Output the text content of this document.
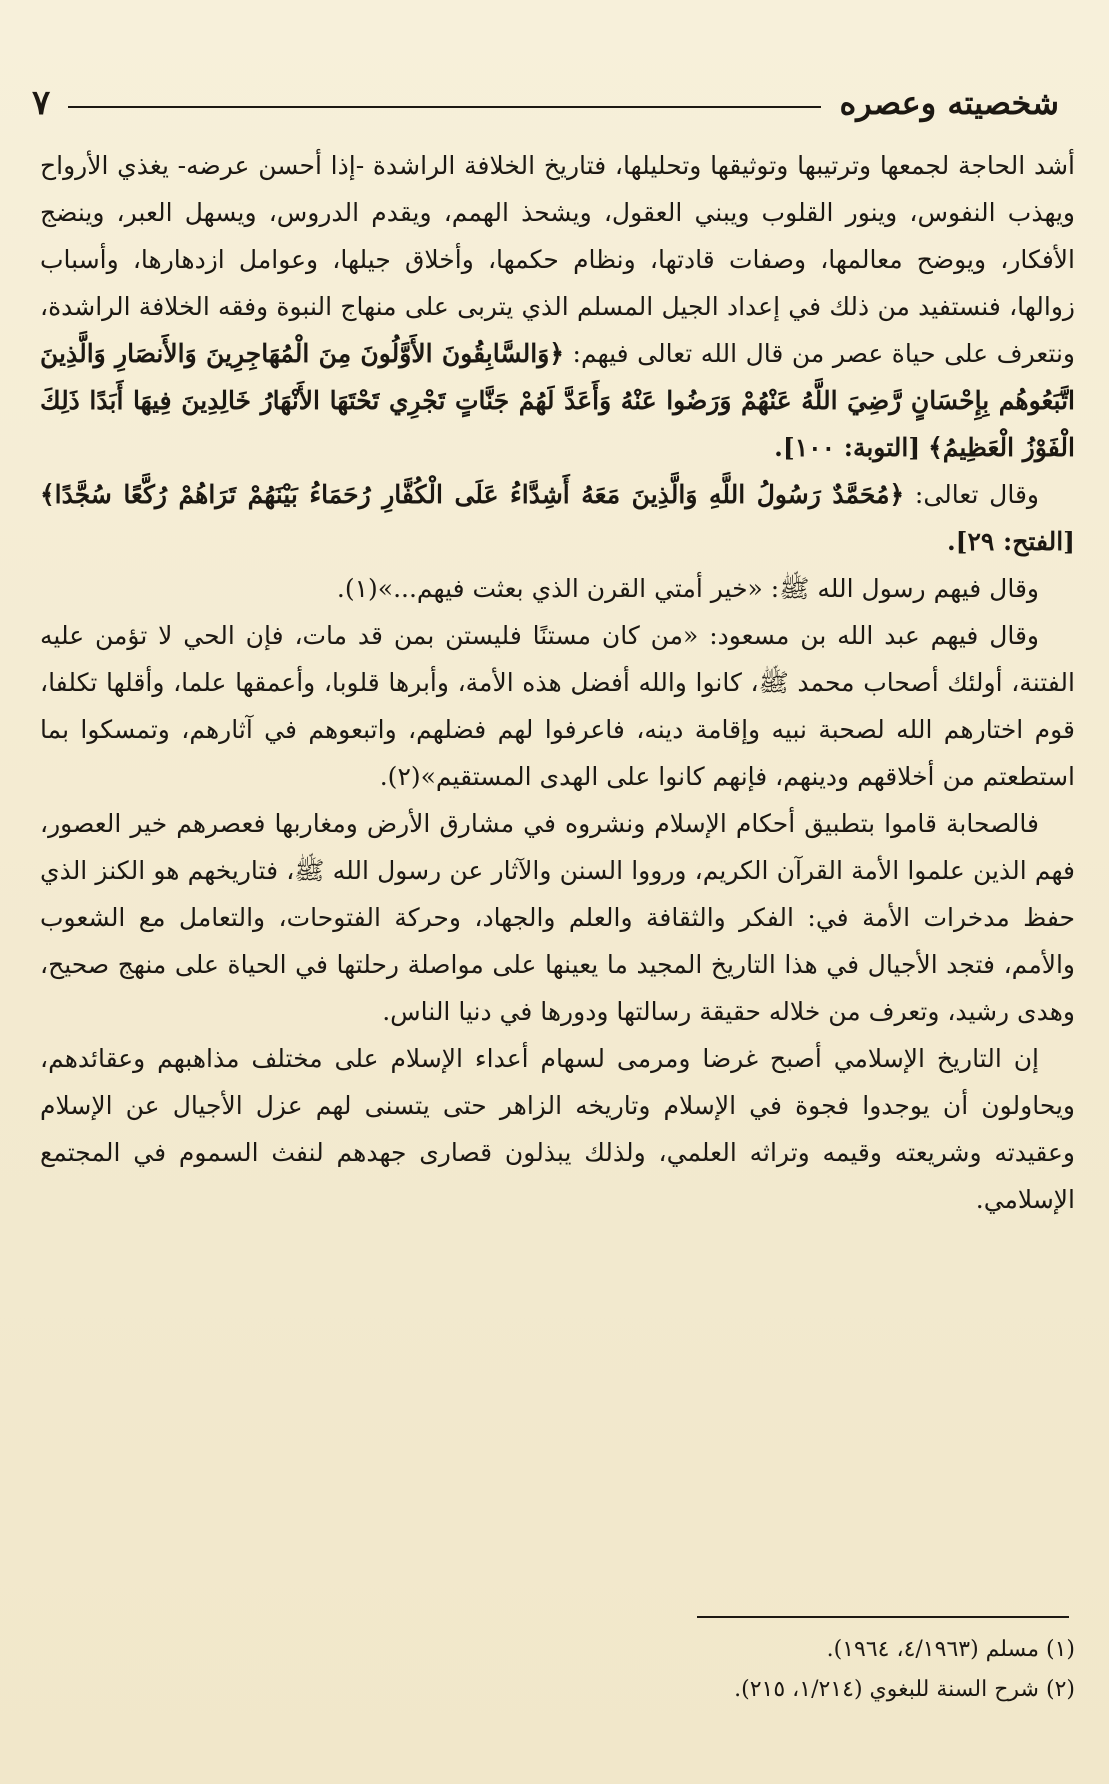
شخصيته وعصره
٧

أشد الحاجة لجمعها وترتيبها وتوثيقها وتحليلها، فتاريخ الخلافة الراشدة -إذا أحسن عرضه- يغذي الأرواح ويهذب النفوس، وينور القلوب ويبني العقول، ويشحذ الهمم، ويقدم الدروس، ويسهل العبر، وينضج الأفكار، ويوضح معالمها، وصفات قادتها، ونظام حكمها، وأخلاق جيلها، وعوامل ازدهارها، وأسباب زوالها، فنستفيد من ذلك في إعداد الجيل المسلم الذي يتربى على منهاج النبوة وفقه الخلافة الراشدة، ونتعرف على حياة عصر من قال الله تعالى فيهم: ﴿وَالسَّابِقُونَ الأَوَّلُونَ مِنَ الْمُهَاجِرِينَ وَالأَنصَارِ وَالَّذِينَ اتَّبَعُوهُم بِإِحْسَانٍ رَّضِيَ اللَّهُ عَنْهُمْ وَرَضُوا عَنْهُ وَأَعَدَّ لَهُمْ جَنَّاتٍ تَجْرِي تَحْتَهَا الأَنْهَارُ خَالِدِينَ فِيهَا أَبَدًا ذَلِكَ الْفَوْزُ الْعَظِيمُ﴾ [التوبة: ١٠٠].

وقال تعالى: ﴿مُحَمَّدٌ رَسُولُ اللَّهِ وَالَّذِينَ مَعَهُ أَشِدَّاءُ عَلَى الْكُفَّارِ رُحَمَاءُ بَيْنَهُمْ تَرَاهُمْ رُكَّعًا سُجَّدًا﴾ [الفتح: ٢٩].

وقال فيهم رسول الله ﷺ: «خير أمتي القرن الذي بعثت فيهم...»(١).

وقال فيهم عبد الله بن مسعود: «من كان مستنًا فليستن بمن قد مات، فإن الحي لا تؤمن عليه الفتنة، أولئك أصحاب محمد ﷺ، كانوا والله أفضل هذه الأمة، وأبرها قلوبا، وأعمقها علما، وأقلها تكلفا، قوم اختارهم الله لصحبة نبيه وإقامة دينه، فاعرفوا لهم فضلهم، واتبعوهم في آثارهم، وتمسكوا بما استطعتم من أخلاقهم ودينهم، فإنهم كانوا على الهدى المستقيم»(٢).

فالصحابة قاموا بتطبيق أحكام الإسلام ونشروه في مشارق الأرض ومغاربها فعصرهم خير العصور، فهم الذين علموا الأمة القرآن الكريم، ورووا السنن والآثار عن رسول الله ﷺ، فتاريخهم هو الكنز الذي حفظ مدخرات الأمة في: الفكر والثقافة والعلم والجهاد، وحركة الفتوحات، والتعامل مع الشعوب والأمم، فتجد الأجيال في هذا التاريخ المجيد ما يعينها على مواصلة رحلتها في الحياة على منهج صحيح، وهدى رشيد، وتعرف من خلاله حقيقة رسالتها ودورها في دنيا الناس.

إن التاريخ الإسلامي أصبح غرضا ومرمى لسهام أعداء الإسلام على مختلف مذاهبهم وعقائدهم، ويحاولون أن يوجدوا فجوة في الإسلام وتاريخه الزاهر حتى يتسنى لهم عزل الأجيال عن الإسلام وعقيدته وشريعته وقيمه وتراثه العلمي، ولذلك يبذلون قصارى جهدهم لنفث السموم في المجتمع الإسلامي.

(١) مسلم (٤/١٩٦٣، ١٩٦٤).

(٢) شرح السنة للبغوي (١/٢١٤، ٢١٥).
